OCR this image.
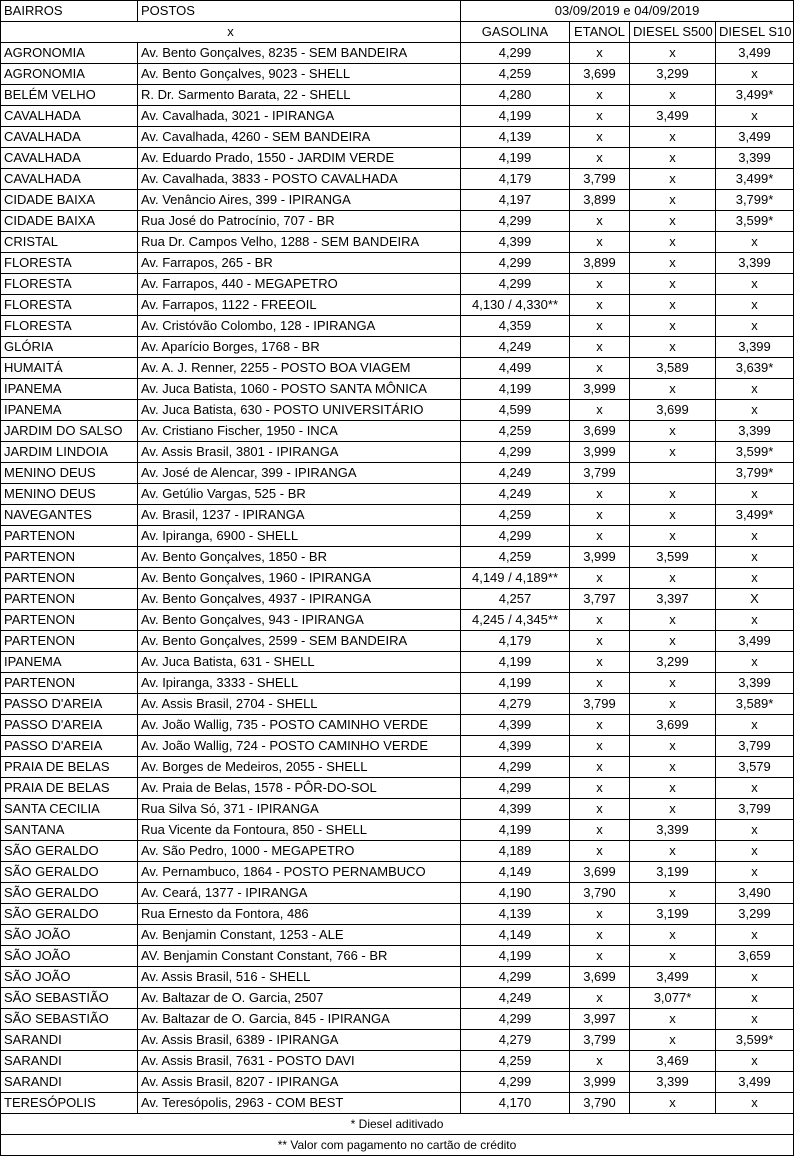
BAIRROS	POSTOS	03/09/2019 e 04/09/2019			
x		GASOLINA	ETANOL	DIESEL S500	DIESEL S10
AGRONOMIA	Av. Bento Gonçalves, 8235 - SEM BANDEIRA	4,299	x	x	3,499
AGRONOMIA	Av. Bento Gonçalves, 9023 - SHELL	4,259	3,699	3,299	x
BELÉM VELHO	R. Dr. Sarmento Barata, 22 - SHELL	4,280	x	x	3,499*
CAVALHADA	Av. Cavalhada, 3021 - IPIRANGA	4,199	x	3,499	x
CAVALHADA	Av. Cavalhada, 4260 - SEM BANDEIRA	4,139	x	x	3,499
CAVALHADA	Av. Eduardo Prado, 1550 - JARDIM VERDE	4,199	x	x	3,399
CAVALHADA	Av. Cavalhada, 3833 - POSTO CAVALHADA	4,179	3,799	x	3,499*
CIDADE BAIXA	Av. Venâncio Aires, 399 - IPIRANGA	4,197	3,899	x	3,799*
CIDADE BAIXA	Rua José do Patrocínio, 707 - BR	4,299	x	x	3,599*
CRISTAL	Rua Dr. Campos Velho, 1288 - SEM BANDEIRA	4,399	x	x	x
FLORESTA	Av. Farrapos, 265 - BR	4,299	3,899	x	3,399
FLORESTA	Av. Farrapos, 440 - MEGAPETRO	4,299	x	x	x
FLORESTA	Av. Farrapos, 1122 - FREEOIL	4,130 / 4,330**	x	x	x
FLORESTA	Av. Cristóvão Colombo, 128 - IPIRANGA	4,359	x	x	x
GLÓRIA	Av. Aparício Borges, 1768 - BR	4,249	x	x	3,399
HUMAITÁ	Av. A. J. Renner, 2255 - POSTO BOA VIAGEM	4,499	x	3,589	3,639*
IPANEMA	Av. Juca Batista, 1060 - POSTO SANTA MÔNICA	4,199	3,999	x	x
IPANEMA	Av. Juca Batista, 630 - POSTO UNIVERSITÁRIO	4,599	x	3,699	x
JARDIM DO SALSO	Av. Cristiano Fischer, 1950 - INCA	4,259	3,699	x	3,399
JARDIM LINDOIA	Av. Assis Brasil, 3801 - IPIRANGA	4,299	3,999	x	3,599*
MENINO DEUS	Av. José de Alencar, 399 - IPIRANGA	4,249	3,799		3,799*
MENINO DEUS	Av. Getúlio Vargas, 525 - BR	4,249	x	x	x
NAVEGANTES	Av. Brasil, 1237 - IPIRANGA	4,259	x	x	3,499*
PARTENON	Av. Ipiranga, 6900 - SHELL	4,299	x	x	x
PARTENON	Av. Bento Gonçalves, 1850 - BR	4,259	3,999	3,599	x
PARTENON	Av. Bento Gonçalves, 1960 - IPIRANGA	4,149 / 4,189**	x	x	x
PARTENON	Av. Bento Gonçalves, 4937 - IPIRANGA	4,257	3,797	3,397	X
PARTENON	Av. Bento Gonçalves, 943 - IPIRANGA	4,245 / 4,345**	x	x	x
PARTENON	Av. Bento Gonçalves, 2599 - SEM BANDEIRA	4,179	x	x	3,499
IPANEMA	Av. Juca Batista, 631 - SHELL	4,199	x	3,299	x
PARTENON	Av. Ipiranga, 3333 - SHELL	4,199	x	x	3,399
PASSO D'AREIA	Av. Assis Brasil, 2704 - SHELL	4,279	3,799	x	3,589*
PASSO D'AREIA	Av. João Wallig, 735 - POSTO CAMINHO VERDE	4,399	x	3,699	x
PASSO D'AREIA	Av. João Wallig, 724 - POSTO CAMINHO VERDE	4,399	x	x	3,799
PRAIA DE BELAS	Av. Borges de Medeiros, 2055 - SHELL	4,299	x	x	3,579
PRAIA DE BELAS	Av. Praia de Belas, 1578 - PÔR-DO-SOL	4,299	x	x	x
SANTA CECILIA	Rua Silva Só, 371 - IPIRANGA	4,399	x	x	3,799
SANTANA	Rua Vicente da Fontoura, 850 - SHELL	4,199	x	3,399	x
SÃO GERALDO	Av. São Pedro, 1000 - MEGAPETRO	4,189	x	x	x
SÃO GERALDO	Av. Pernambuco, 1864 - POSTO PERNAMBUCO	4,149	3,699	3,199	x
SÃO GERALDO	Av. Ceará, 1377 - IPIRANGA	4,190	3,790	x	3,490
SÃO GERALDO	Rua Ernesto da Fontora, 486	4,139	x	3,199	3,299
SÃO JOÃO	Av. Benjamin Constant, 1253 - ALE	4,149	x	x	x
SÃO JOÃO	AV. Benjamin Constant Constant, 766 - BR	4,199	x	x	3,659
SÃO JOÃO	Av. Assis Brasil, 516 - SHELL	4,299	3,699	3,499	x
SÃO SEBASTIÃO	Av. Baltazar de O. Garcia, 2507	4,249	x	3,077*	x
SÃO SEBASTIÃO	Av. Baltazar de O. Garcia, 845 - IPIRANGA	4,299	3,997	x	x
SARANDI	Av. Assis Brasil, 6389 - IPIRANGA	4,279	3,799	x	3,599*
SARANDI	Av. Assis Brasil, 7631 - POSTO DAVI	4,259	x	3,469	x
SARANDI	Av. Assis Brasil, 8207 - IPIRANGA	4,299	3,999	3,399	3,499
TERESÓPOLIS	Av. Teresópolis, 2963 - COM BEST	4,170	3,790	x	x
* Diesel aditivado					
** Valor com pagamento no cartão de crédito					
